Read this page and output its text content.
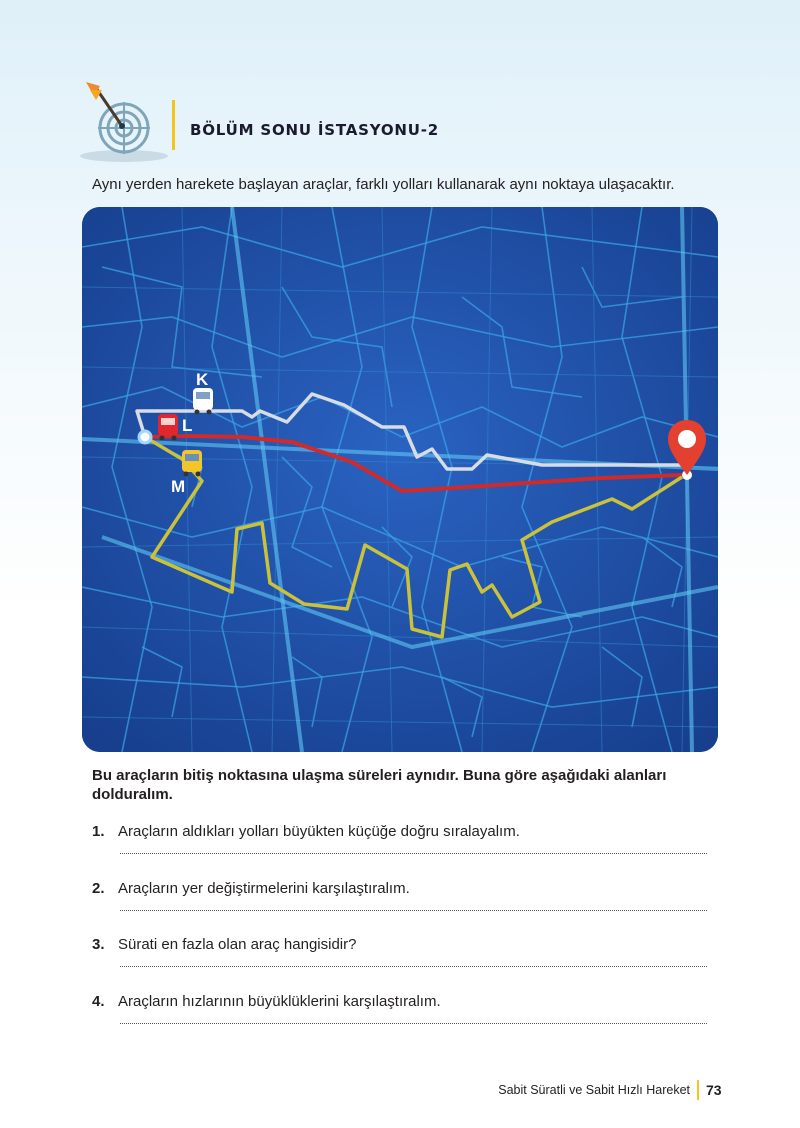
BÖLÜM SONU İSTASYONU-2
Aynı yerden harekete başlayan araçlar, farklı yolları kullanarak aynı noktaya ulaşacaktır.
K
L
M
Bu araçların bitiş noktasına ulaşma süreleri aynıdır. Buna göre aşağıdaki alanları dolduralım.
1. Araçların aldıkları yolları büyükten küçüğe doğru sıralayalım.
2. Araçların yer değiştirmelerini karşılaştıralım.
3. Sürati en fazla olan araç hangisidir?
4. Araçların hızlarının büyüklüklerini karşılaştıralım.
Sabit Süratli ve Sabit Hızlı Hareket 73
